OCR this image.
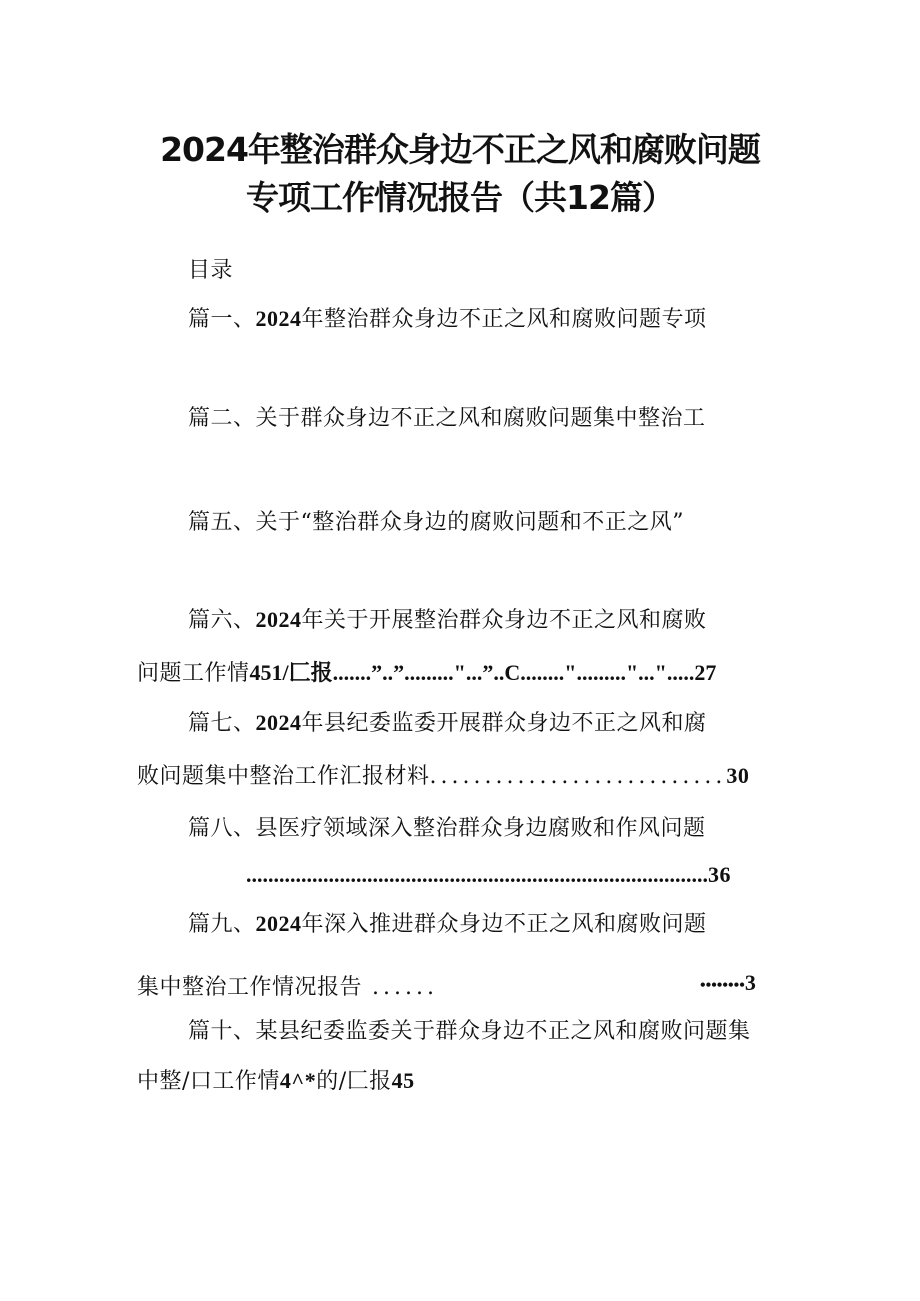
2024年整治群众身边不正之风和腐败问题
专项工作情况报告（共12篇）
目录
篇一、2024年整治群众身边不正之风和腐败问题专项
篇二、关于群众身边不正之风和腐败问题集中整治工
篇五、关于“整治群众身边的腐败问题和不正之风”
篇六、2024年关于开展整治群众身边不正之风和腐败
问题工作情451/匚报.......”..”........."...”..C........"........."...".....27
篇七、2024年县纪委监委开展群众身边不正之风和腐
败问题集中整治工作汇报材料...........................30
篇八、县医疗领域深入整治群众身边腐败和作风问题
....................................................................................36
篇九、2024年深入推进群众身边不正之风和腐败问题
集中整治工作情况报告 ......	••••••••3
篇十、某县纪委监委关于群众身边不正之风和腐败问题集
中整/口工作情4^*的/匚报45
